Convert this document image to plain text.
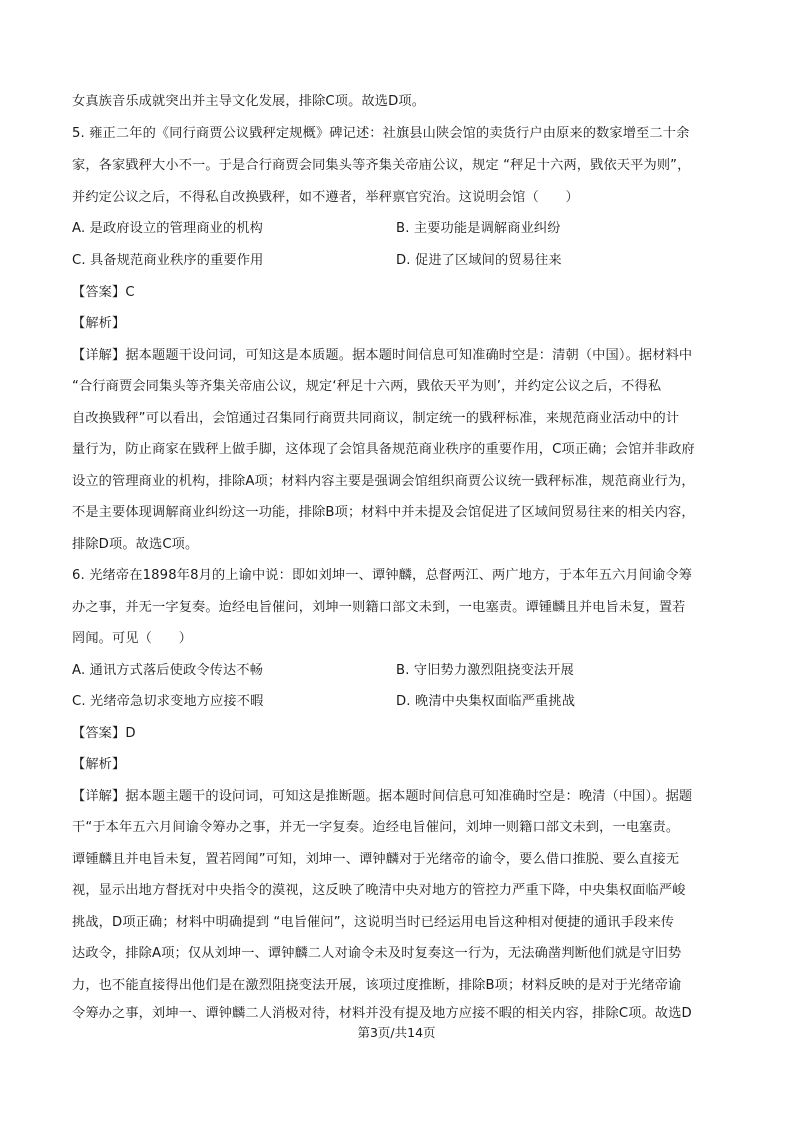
女真族音乐成就突出并主导文化发展，排除C项。故选D项。
5. 雍正二年的《同行商贾公议戥秤定规概》碑记述：社旗县山陕会馆的卖货行户由原来的数家增至二十余
家，各家戥秤大小不一。于是合行商贾会同集头等齐集关帝庙公议，规定 “秤足十六两，戥依天平为则”，
并约定公议之后，不得私自改换戥秤，如不遵者，举秤禀官究治。这说明会馆（　　）
A. 是政府设立的管理商业的机构	B. 主要功能是调解商业纠纷
C. 具备规范商业秩序的重要作用	D. 促进了区域间的贸易往来
【答案】C
【解析】
【详解】据本题题干设问词，可知这是本质题。据本题时间信息可知准确时空是：清朝（中国）。据材料中
“合行商贾会同集头等齐集关帝庙公议，规定‘秤足十六两，戥依天平为则’，并约定公议之后，不得私
自改换戥秤”可以看出，会馆通过召集同行商贾共同商议，制定统一的戥秤标准，来规范商业活动中的计
量行为，防止商家在戥秤上做手脚，这体现了会馆具备规范商业秩序的重要作用，C项正确；会馆并非政府
设立的管理商业的机构，排除A项；材料内容主要是强调会馆组织商贾公议统一戥秤标准，规范商业行为，
不是主要体现调解商业纠纷这一功能，排除B项；材料中并未提及会馆促进了区域间贸易往来的相关内容，
排除D项。故选C项。
6. 光绪帝在1898年8月的上谕中说：即如刘坤一、谭钟麟，总督两江、两广地方，于本年五六月间谕令筹
办之事，并无一字复奏。迨经电旨催问，刘坤一则籍口部文未到，一电塞责。谭锺麟且并电旨未复，置若
罔闻。可见（　　）
A. 通讯方式落后使政令传达不畅	B. 守旧势力激烈阻挠变法开展
C. 光绪帝急切求变地方应接不暇	D. 晚清中央集权面临严重挑战
【答案】D
【解析】
【详解】据本题主题干的设问词，可知这是推断题。据本题时间信息可知准确时空是：晚清（中国）。据题
干“于本年五六月间谕令筹办之事，并无一字复奏。迨经电旨催问，刘坤一则籍口部文未到，一电塞责。
谭锺麟且并电旨未复，置若罔闻”可知，刘坤一、谭钟麟对于光绪帝的谕令，要么借口推脱、要么直接无
视，显示出地方督抚对中央指令的漠视，这反映了晚清中央对地方的管控力严重下降，中央集权面临严峻
挑战，D项正确；材料中明确提到 “电旨催问”，这说明当时已经运用电旨这种相对便捷的通讯手段来传
达政令，排除A项；仅从刘坤一、谭钟麟二人对谕令未及时复奏这一行为，无法确凿判断他们就是守旧势
力，也不能直接得出他们是在激烈阻挠变法开展，该项过度推断，排除B项；材料反映的是对于光绪帝谕
令筹办之事，刘坤一、谭钟麟二人消极对待，材料并没有提及地方应接不暇的相关内容，排除C项。故选D
第3页/共14页
